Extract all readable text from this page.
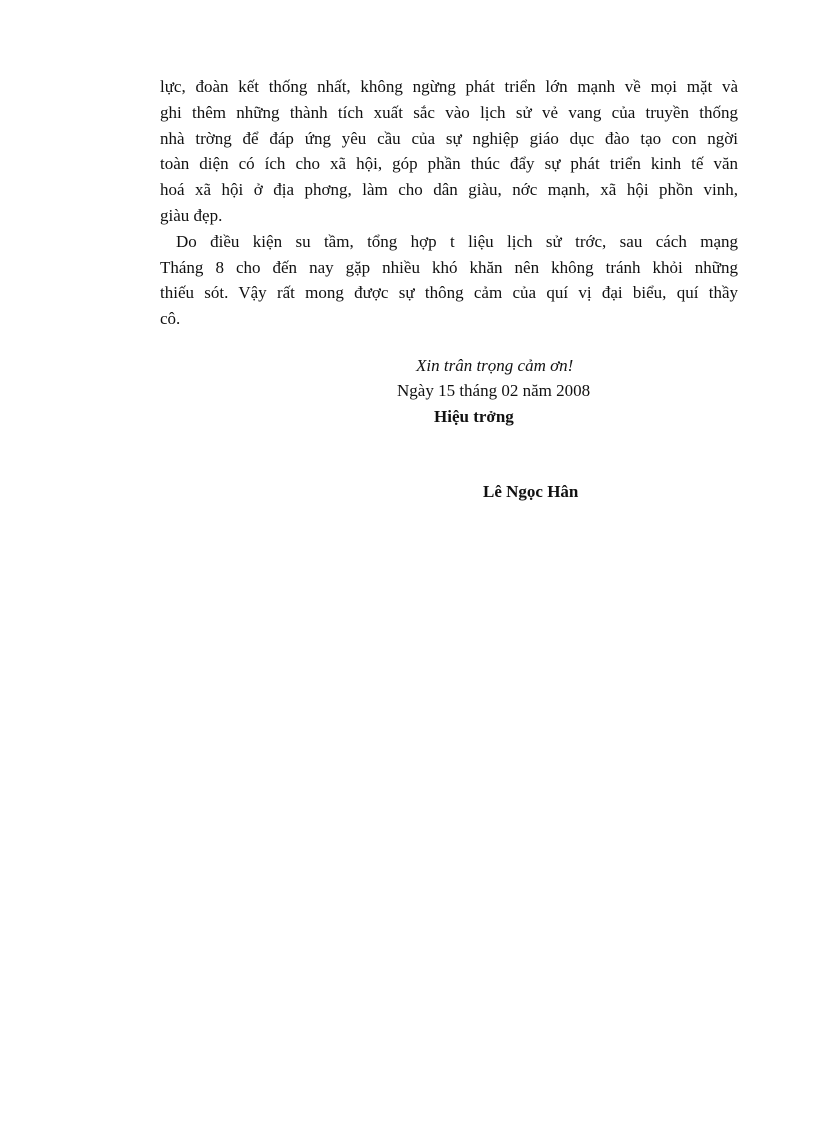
lực, đoàn kết thống nhất, không ngừng phát triển lớn mạnh về mọi mặt và
ghi thêm những thành tích xuất sắc vào lịch sử vẻ vang của truyền thống
nhà trờng để đáp ứng yêu cầu của sự nghiệp giáo dục đào tạo con ngời
toàn diện có ích cho xã hội, góp phần thúc đẩy sự phát triển kinh tế văn
hoá xã hội ở địa phơng, làm cho dân giàu, nớc mạnh, xã hội phồn vinh,
giàu đẹp.
Do điều kiện su tầm, tổng hợp t liệu lịch sử trớc, sau cách mạng
Tháng 8 cho đến nay gặp nhiều khó khăn nên không tránh khỏi những
thiếu sót. Vậy rất mong được sự thông cảm của quí vị đại biểu, quí thầy
cô.
Xin trân trọng cảm ơn!
Ngày 15 tháng 02 năm 2008
Hiệu trởng
Lê Ngọc Hân
